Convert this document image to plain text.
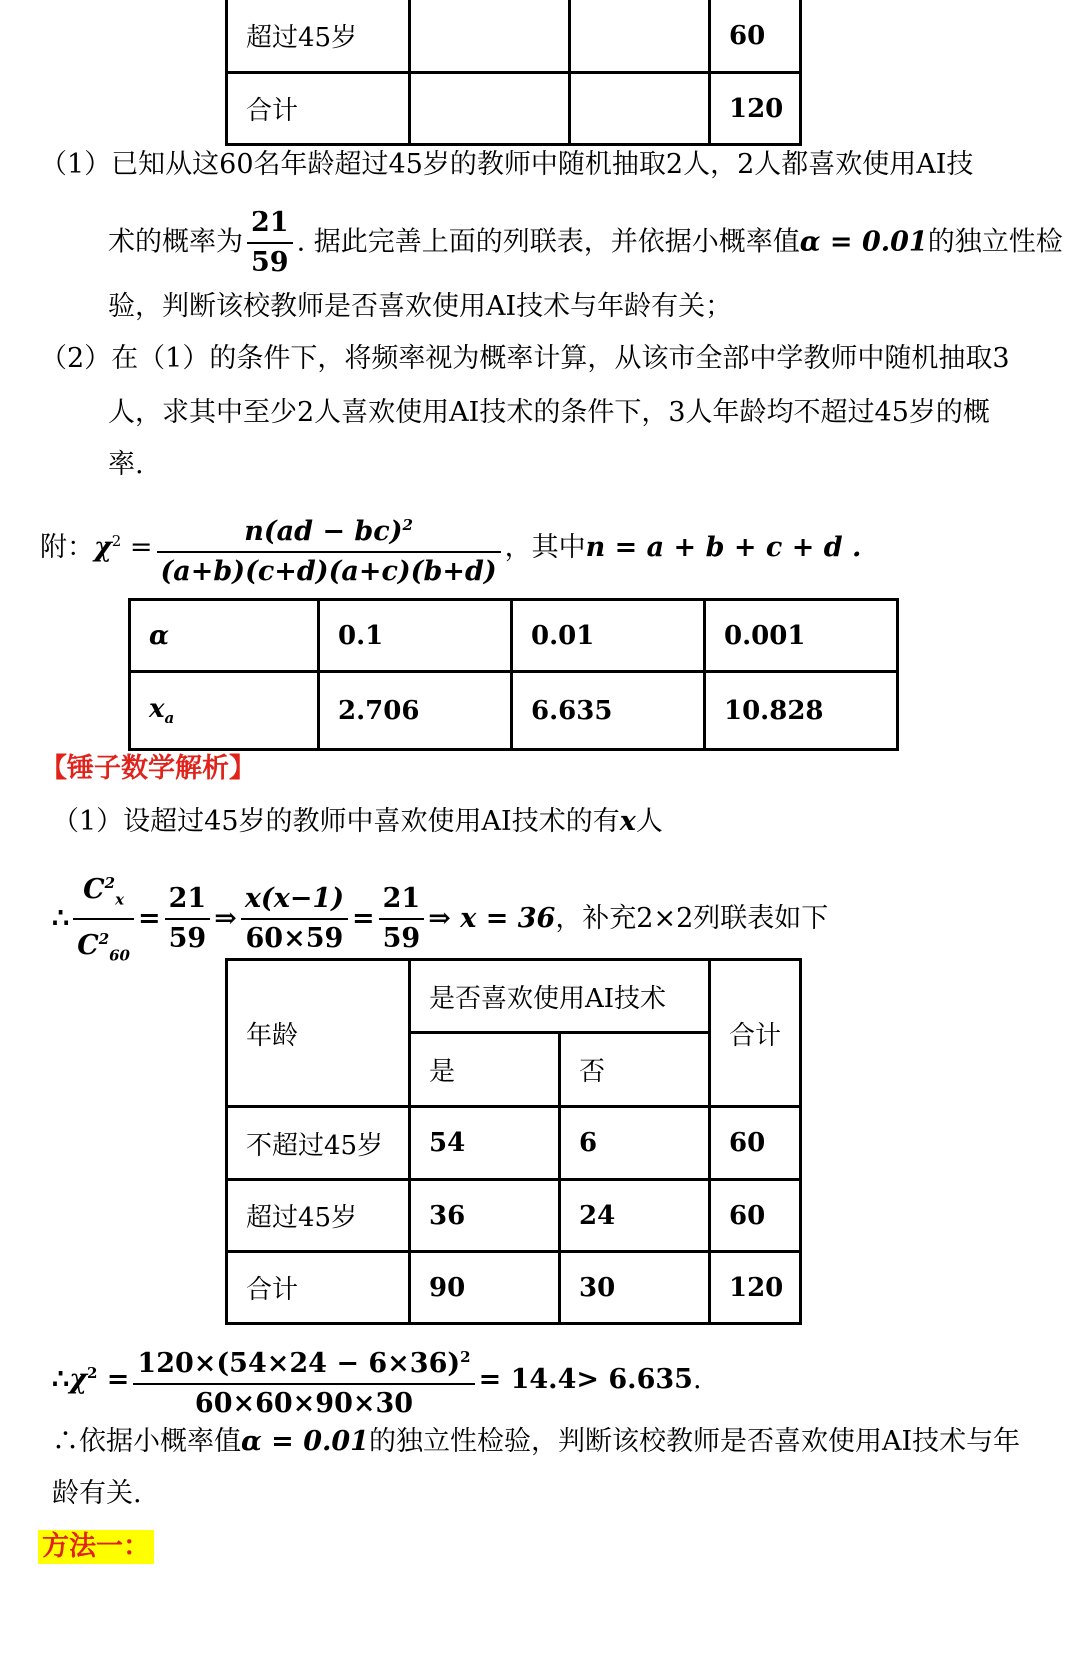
超过45岁			60
合计			120
（1）已知从这60名年龄超过45岁的教师中随机抽取2人，2人都喜欢使用AI技
术的概率为 $\frac{21}{59}$ . 据此完善上面的列联表，并依据小概率值α = 0.01的独立性检
验，判断该校教师是否喜欢使用AI技术与年龄有关；
（2）在（1）的条件下，将频率视为概率计算，从该市全部中学教师中随机抽取3
人，求其中至少2人喜欢使用AI技术的条件下，3人年龄均不超过45岁的概
率.
附：$\chi^2 = \frac{n(ad - bc)^2}{(a+b)(c+d)(a+c)(b+d)}$ ，其中n = a + b + c + d .
α	0.1	0.01	0.001
$x_a$	2.706	6.635	10.828
【锤子数学解析】
（1）设超过45岁的教师中喜欢使用AI技术的有x人
∴ $\frac{C^2_x}{C^2_{60}} = \frac{21}{59}$ ⇒ $\frac{x(x-1)}{60\times 59} = \frac{21}{59}$ ⇒ x = 36，补充2×2列联表如下
年龄	是否喜欢使用AI技术		合计
	是	否	
不超过45岁	54	6	60
超过45岁	36	24	60
合计	90	30	120
$\therefore\chi^2 = \frac{120\times(54\times 24 - 6\times 36)^2}{60\times 60\times 90\times 30} = 14.4> 6.635$.
∴依据小概率值α = 0.01的独立性检验，判断该校教师是否喜欢使用AI技术与年
龄有关.
方法一：
